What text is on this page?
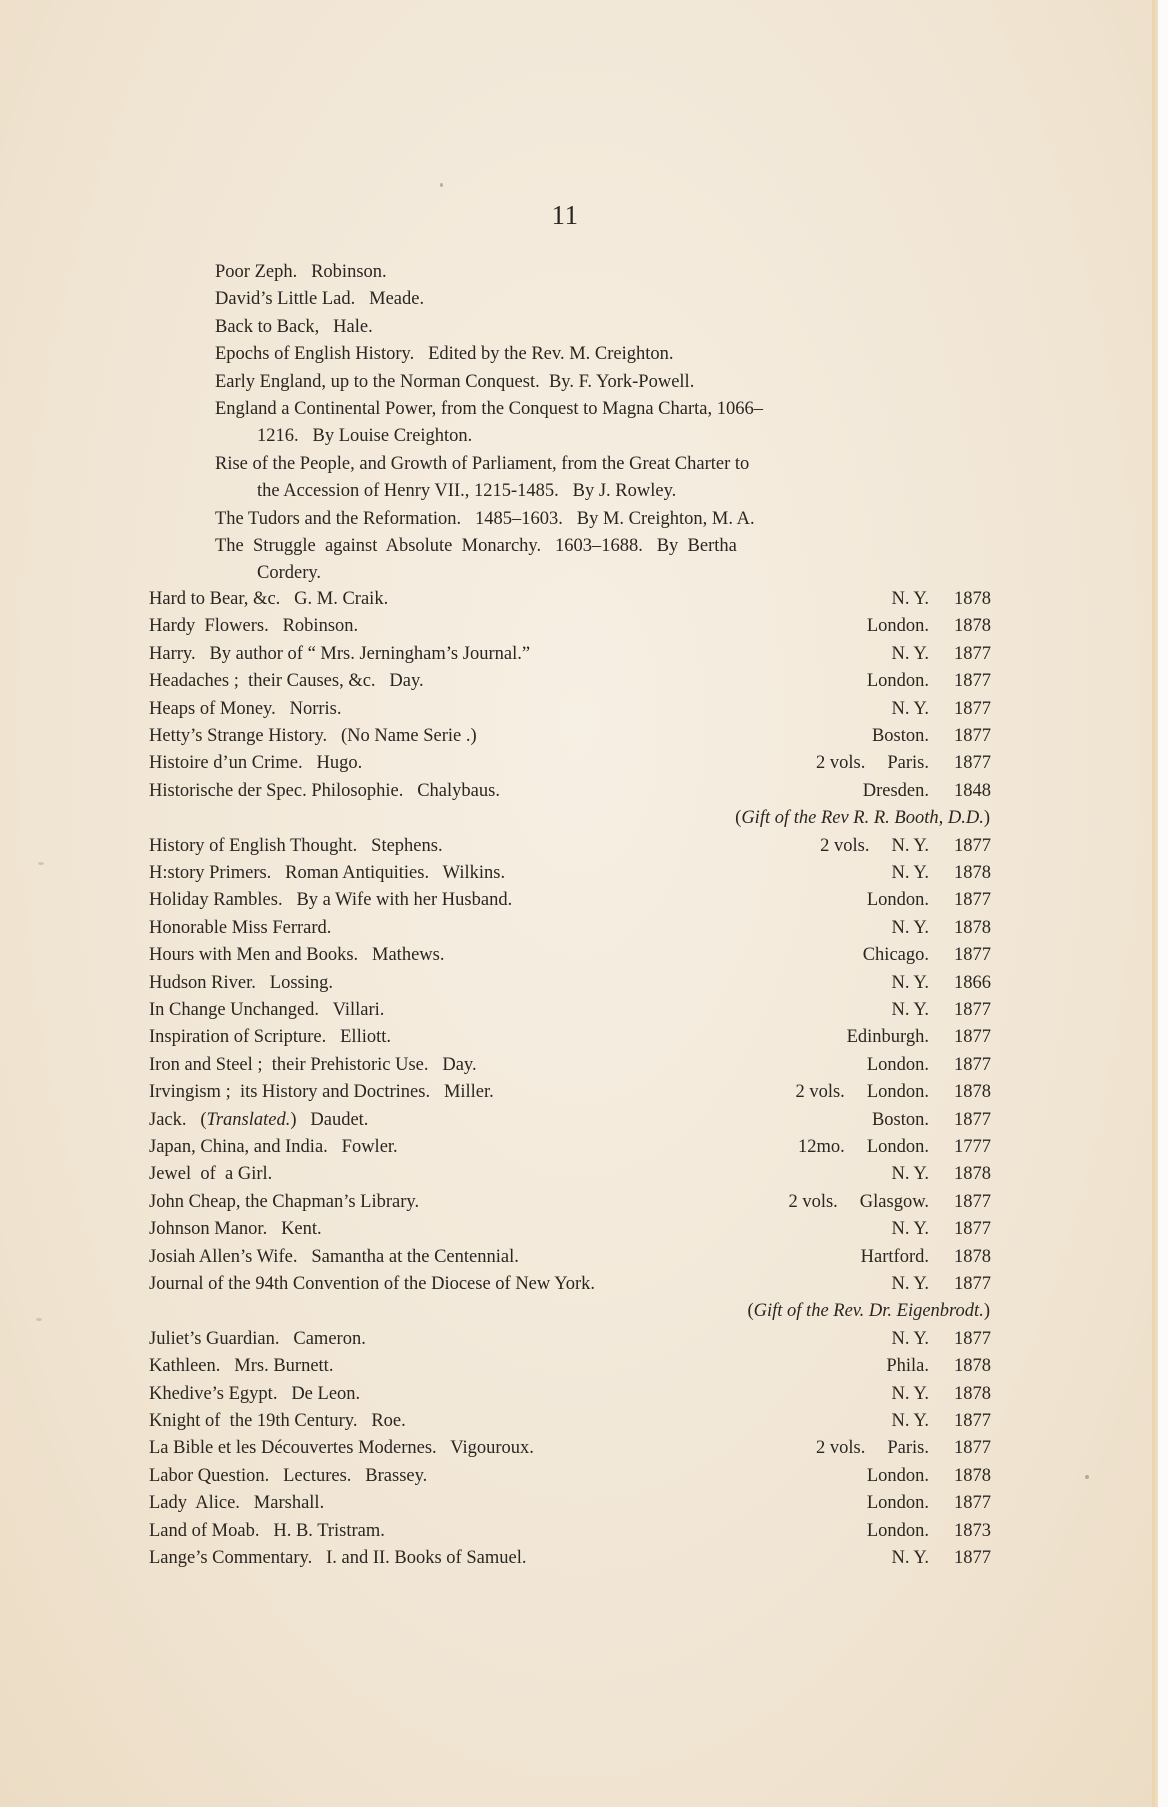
11
Poor Zeph.   Robinson.
David’s Little Lad.   Meade.
Back to Back,   Hale.
Epochs of English History.   Edited by the Rev. M. Creighton.
Early England, up to the Norman Conquest.  By. F. York-Powell.
England a Continental Power, from the Conquest to Magna Charta, 1066–
1216.   By Louise Creighton.
Rise of the People, and Growth of Parliament, from the Great Charter to
the Accession of Henry VII., 1215-1485.   By J. Rowley.
The Tudors and the Reformation.   1485–1603.   By M. Creighton, M. A.
The  Struggle  against  Absolute  Monarchy.   1603–1688.   By  Bertha
Cordery.
Hard to Bear, &c.   G. M. Craik.	N. Y.	1878
Hardy  Flowers.   Robinson.	London.	1878
Harry.   By author of “ Mrs. Jerningham’s Journal.”	N. Y.	1877
Headaches ;  their Causes, &c.   Day.	London.	1877
Heaps of Money.   Norris.	N. Y.	1877
Hetty’s Strange History.   (No Name Serie .)	Boston.	1877
Histoire d’un Crime.   Hugo.	2 vols. Paris.	1877
Historische der Spec. Philosophie.   Chalybaus.	Dresden.	1848
(Gift of the Rev R. R. Booth, D.D.)
History of English Thought.   Stephens.	2 vols. N. Y.	1877
H:story Primers.   Roman Antiquities.   Wilkins.	N. Y.	1878
Holiday Rambles.   By a Wife with her Husband.	London.	1877
Honorable Miss Ferrard.	N. Y.	1878
Hours with Men and Books.   Mathews.	Chicago.	1877
Hudson River.   Lossing.	N. Y.	1866
In Change Unchanged.   Villari.	N. Y.	1877
Inspiration of Scripture.   Elliott.	Edinburgh.	1877
Iron and Steel ;  their Prehistoric Use.   Day.	London.	1877
Irvingism ;  its History and Doctrines.   Miller.	2 vols. London.	1878
Jack.   (Translated.)   Daudet.	Boston.	1877
Japan, China, and India.   Fowler.	12mo. London.	1777
Jewel  of  a Girl.	N. Y.	1878
John Cheap, the Chapman’s Library.	2 vols. Glasgow.	1877
Johnson Manor.   Kent.	N. Y.	1877
Josiah Allen’s Wife.   Samantha at the Centennial.	Hartford.	1878
Journal of the 94th Convention of the Diocese of New York.	N. Y.	1877
(Gift of the Rev. Dr. Eigenbrodt.)
Juliet’s Guardian.   Cameron.	N. Y.	1877
Kathleen.   Mrs. Burnett.	Phila.	1878
Khedive’s Egypt.   De Leon.	N. Y.	1878
Knight of  the 19th Century.   Roe.	N. Y.	1877
La Bible et les Découvertes Modernes.   Vigouroux.	2 vols. Paris.	1877
Labor Question.   Lectures.   Brassey.	London.	1878
Lady  Alice.   Marshall.	London.	1877
Land of Moab.   H. B. Tristram.	London.	1873
Lange’s Commentary.   I. and II. Books of Samuel.	N. Y.	1877
